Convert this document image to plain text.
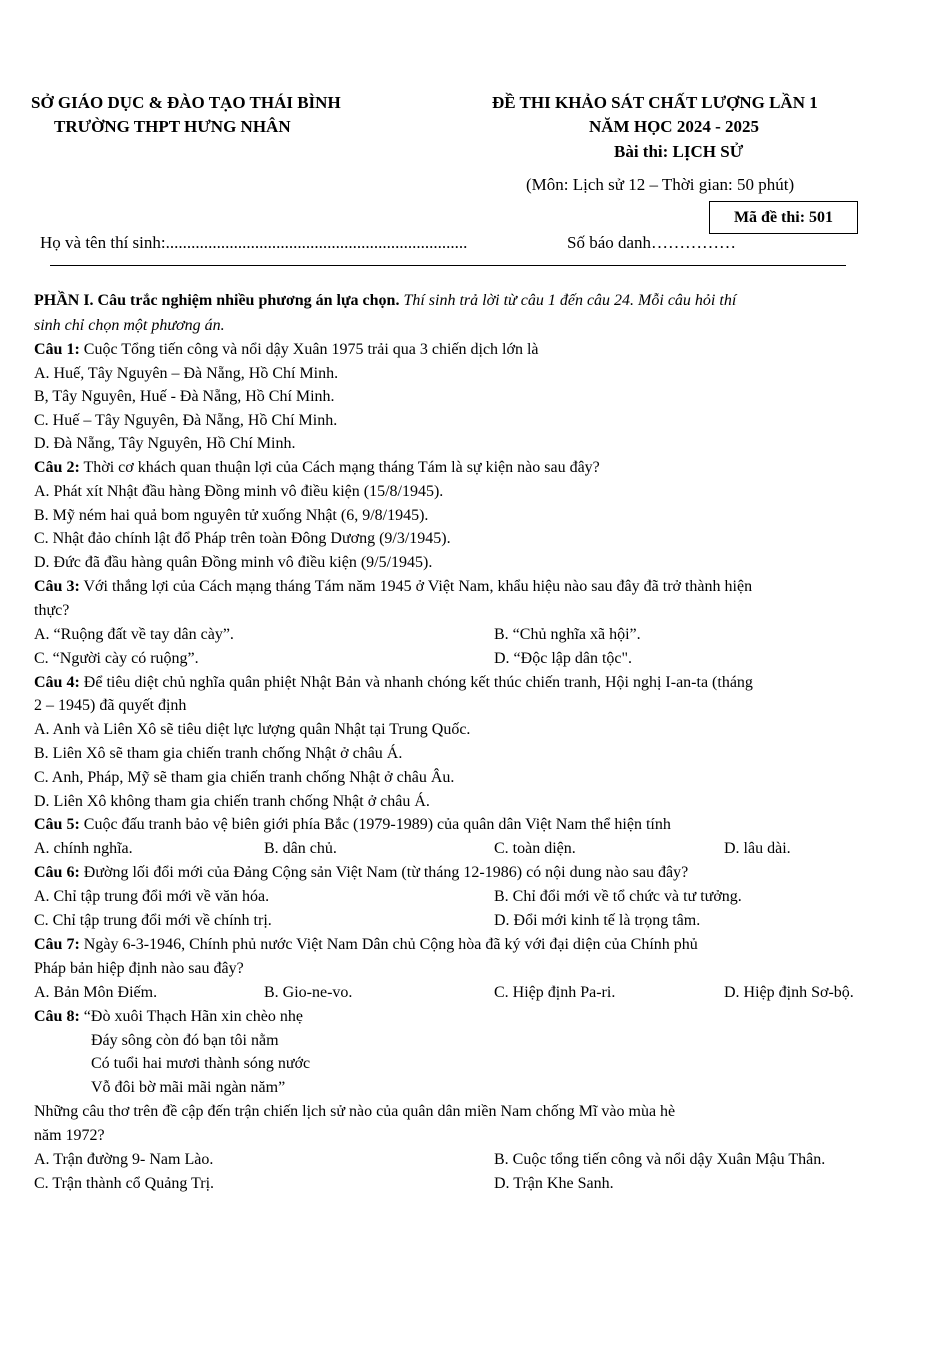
SỞ GIÁO DỤC & ĐÀO TẠO THÁI BÌNH
TRƯỜNG THPT HƯNG NHÂN
ĐỀ THI KHẢO SÁT CHẤT LƯỢNG LẦN 1
NĂM HỌC 2024 - 2025
Bài thi: LỊCH SỬ
(Môn: Lịch sử 12 – Thời gian: 50 phút)
Mã đề thi: 501
Họ và tên thí sinh:.......................................................................	Số báo danh……………
PHẦN I. Câu trắc nghiệm nhiều phương án lựa chọn. Thí sinh trả lời từ câu 1 đến câu 24. Mỗi câu hỏi thí
sinh chỉ chọn một phương án.
Câu 1: Cuộc Tổng tiến công và nổi dậy Xuân 1975 trải qua 3 chiến dịch lớn là
A. Huế, Tây Nguyên – Đà Nẵng, Hồ Chí Minh.
B, Tây Nguyên, Huế - Đà Nẵng, Hồ Chí Minh.
C. Huế – Tây Nguyên, Đà Nẵng, Hồ Chí Minh.
D. Đà Nẵng, Tây Nguyên, Hồ Chí Minh.
Câu 2: Thời cơ khách quan thuận lợi của Cách mạng tháng Tám là sự kiện nào sau đây?
A. Phát xít Nhật đầu hàng Đồng minh vô điều kiện (15/8/1945).
B. Mỹ ném hai quả bom nguyên tử xuống Nhật (6, 9/8/1945).
C. Nhật đảo chính lật đổ Pháp trên toàn Đông Dương (9/3/1945).
D. Đức đã đầu hàng quân Đồng minh vô điều kiện (9/5/1945).
Câu 3: Với thắng lợi của Cách mạng tháng Tám năm 1945 ở Việt Nam, khẩu hiệu nào sau đây đã trở thành hiện
thực?
A. “Ruộng đất về tay dân cày”.	B. “Chủ nghĩa xã hội”.
C. “Người cày có ruộng”.	D. “Độc lập dân tộc".
Câu 4: Để tiêu diệt chủ nghĩa quân phiệt Nhật Bản và nhanh chóng kết thúc chiến tranh, Hội nghị I-an-ta (tháng
2 – 1945) đã quyết định
A. Anh và Liên Xô sẽ tiêu diệt lực lượng quân Nhật tại Trung Quốc.
B. Liên Xô sẽ tham gia chiến tranh chống Nhật ở châu Á.
C. Anh, Pháp, Mỹ sẽ tham gia chiến tranh chống Nhật ở châu Âu.
D. Liên Xô không tham gia chiến tranh chống Nhật ở châu Á.
Câu 5: Cuộc đấu tranh bảo vệ biên giới phía Bắc (1979-1989) của quân dân Việt Nam thể hiện tính
A. chính nghĩa.	B. dân chủ.	C. toàn diện.	D. lâu dài.
Câu 6: Đường lối đổi mới của Đảng Cộng sản Việt Nam (từ tháng 12-1986) có nội dung nào sau đây?
A. Chỉ tập trung đổi mới về văn hóa.	B. Chỉ đổi mới về tổ chức và tư tưởng.
C. Chỉ tập trung đổi mới về chính trị.	D. Đổi mới kinh tế là trọng tâm.
Câu 7: Ngày 6-3-1946, Chính phủ nước Việt Nam Dân chủ Cộng hòa đã ký với đại diện của Chính phủ
Pháp bản hiệp định nào sau đây?
A. Bản Môn Điếm.	B. Gio-ne-vo.	C. Hiệp định Pa-ri.	D. Hiệp định Sơ-bộ.
Câu 8: “Đò xuôi Thạch Hãn xin chèo nhẹ
Đáy sông còn đó bạn tôi nằm
Có tuổi hai mươi thành sóng nước
Vỗ đôi bờ mãi mãi ngàn năm”
Những câu thơ trên đề cập đến trận chiến lịch sử nào của quân dân miền Nam chống Mĩ vào mùa hè
năm 1972?
A. Trận đường 9- Nam Lào.	B. Cuộc tổng tiến công và nổi dậy Xuân Mậu Thân.
C. Trận thành cổ Quảng Trị.	D. Trận Khe Sanh.
